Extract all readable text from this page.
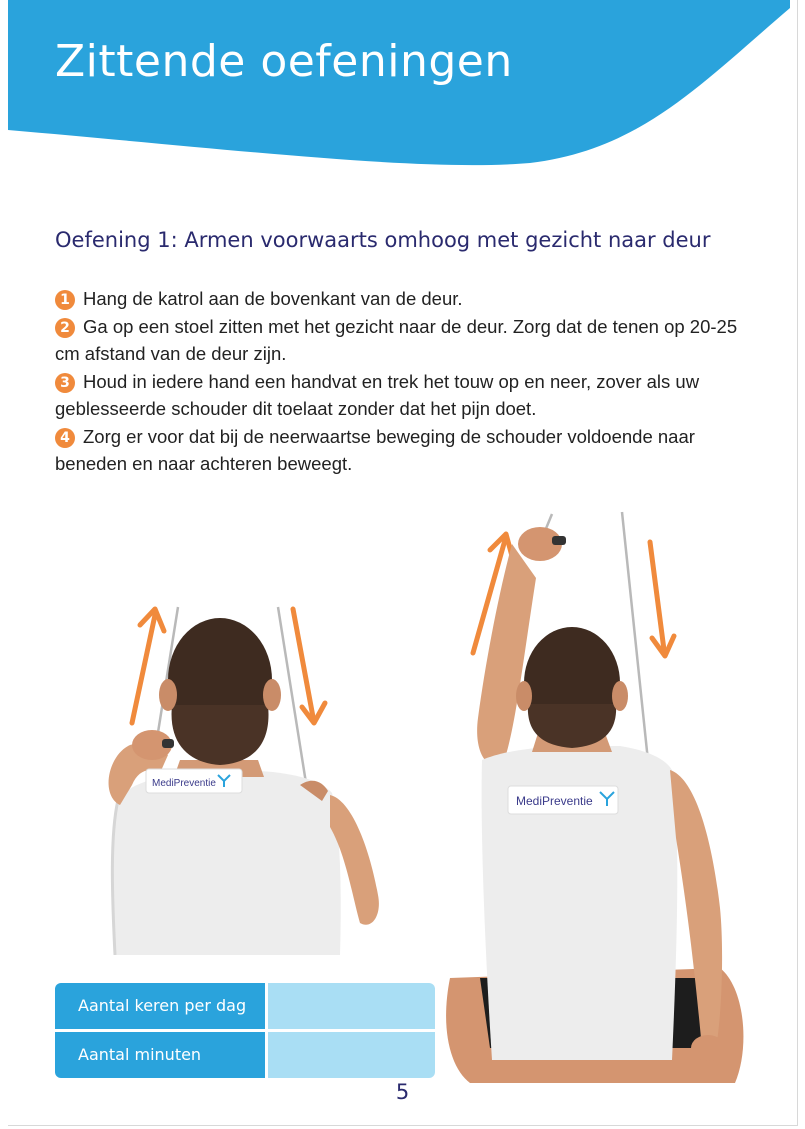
Zittende oefeningen
Oefening 1: Armen voorwaarts omhoog met gezicht naar deur

1 Hang de katrol aan de bovenkant van de deur.

2 Ga op een stoel zitten met het gezicht naar de deur. Zorg dat de tenen op 20-25 cm afstand van de deur zijn.

3 Houd in iedere hand een handvat en trek het touw op en neer, zover als uw geblesseerde schouder dit toelaat zonder dat het pijn doet.

4 Zorg er voor dat bij de neerwaartse beweging de schouder voldoende naar beneden en naar achteren beweegt.

MediPreventie
MediPreventie
Aantal keren per dag
Aantal minuten
5
